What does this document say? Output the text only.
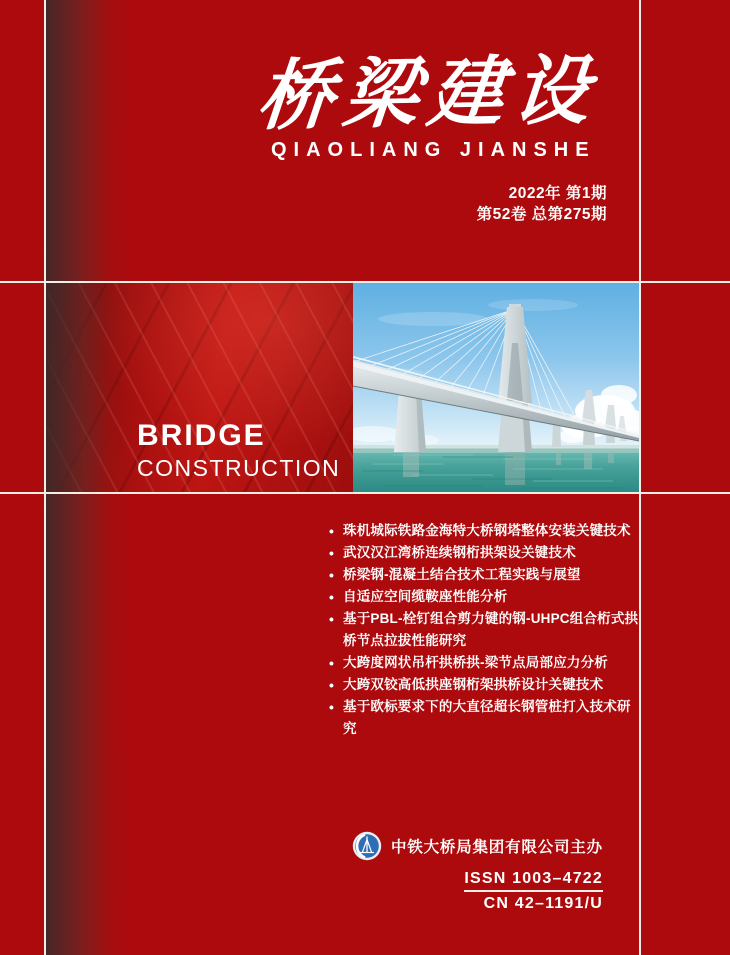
桥梁建设
QIAOLIANG JIANSHE
2022年 第1期
第52卷 总第275期
BRIDGE
CONSTRUCTION
• 珠机城际铁路金海特大桥钢塔整体安装关键技术
• 武汉汉江湾桥连续钢桁拱架设关键技术
• 桥梁钢-混凝土结合技术工程实践与展望
• 自适应空间缆鞍座性能分析
• 基于PBL-栓钉组合剪力键的钢-UHPC组合桁式拱桥节点拉拔性能研究
• 大跨度网状吊杆拱桥拱-梁节点局部应力分析
• 大跨双铰高低拱座钢桁架拱桥设计关键技术
• 基于欧标要求下的大直径超长钢管桩打入技术研究
中铁大桥局集团有限公司主办
ISSN 1003–4722
CN 42–1191/U
